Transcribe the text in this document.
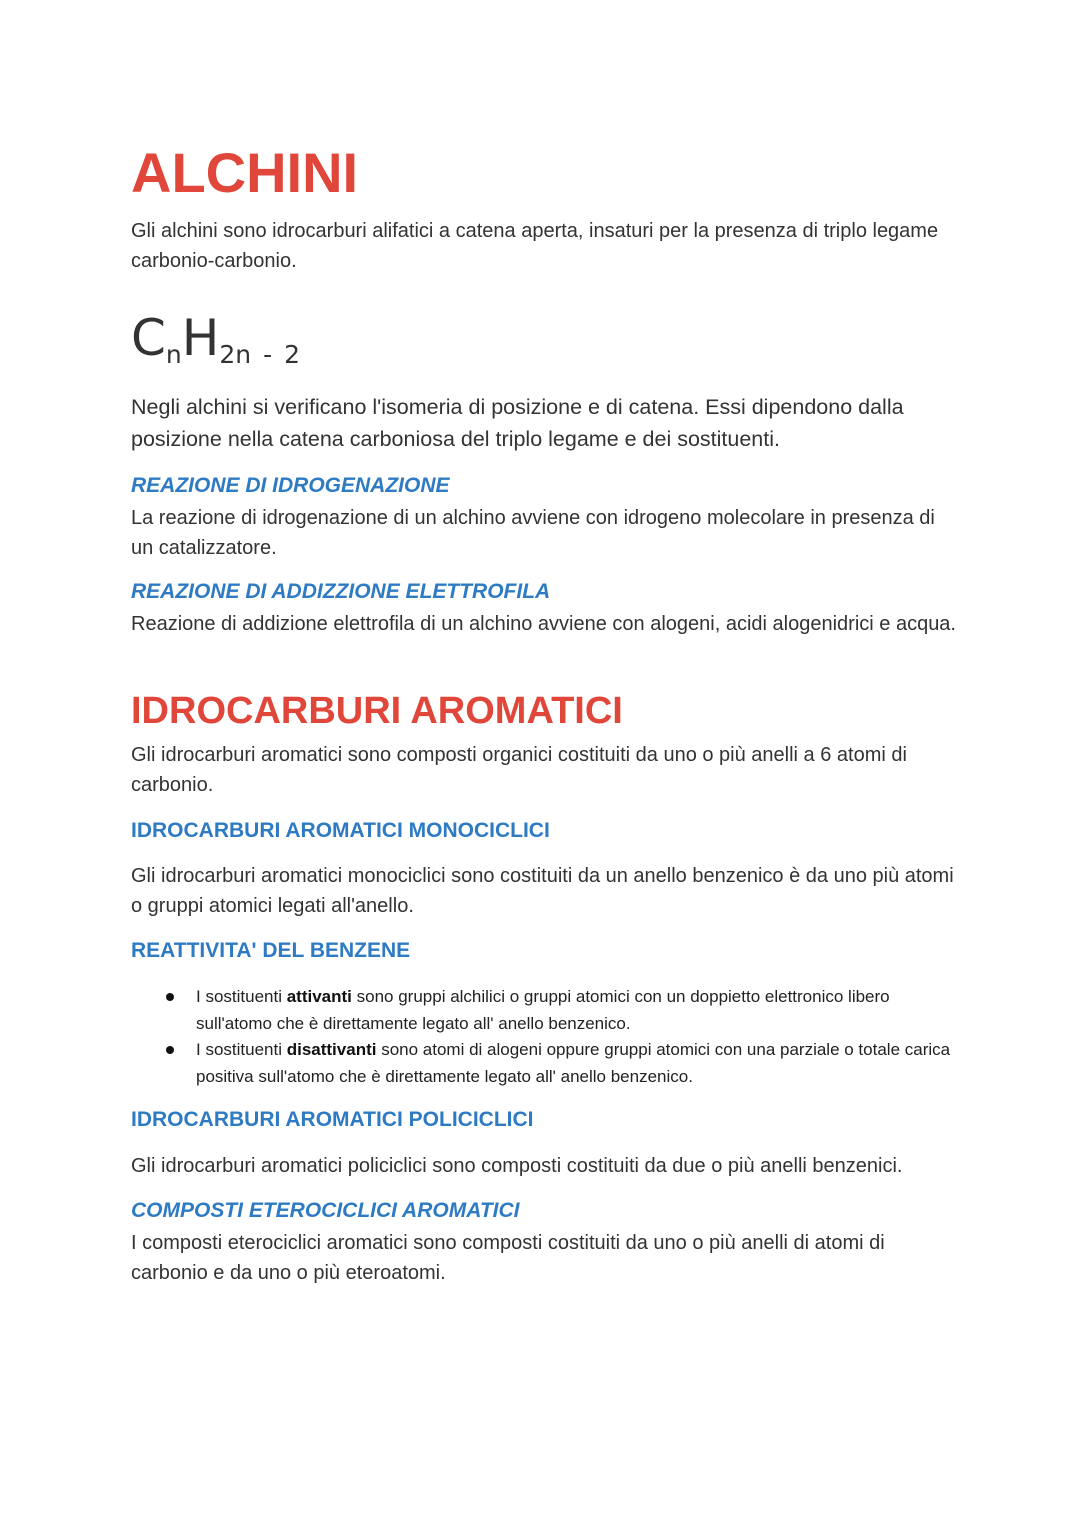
ALCHINI

Gli alchini sono idrocarburi alifatici a catena aperta, insaturi per la presenza di triplo legame carbonio-carbonio.

CnH2n - 2

Negli alchini si verificano l'isomeria di posizione e di catena. Essi dipendono dalla posizione nella catena carboniosa del triplo legame e dei sostituenti.

REAZIONE DI IDROGENAZIONE

La reazione di idrogenazione di un alchino avviene con idrogeno molecolare in presenza di un catalizzatore.

REAZIONE DI ADDIZZIONE ELETTROFILA

Reazione di addizione elettrofila di un alchino avviene con alogeni, acidi alogenidrici e acqua.

IDROCARBURI AROMATICI

Gli idrocarburi aromatici sono composti organici costituiti da uno o più anelli a 6 atomi di carbonio.

IDROCARBURI AROMATICI MONOCICLICI

Gli idrocarburi aromatici monociclici sono costituiti da un anello benzenico è da uno più atomi o gruppi atomici legati all'anello.

REATTIVITA' DEL BENZENE
I sostituenti attivanti sono gruppi alchilici o gruppi atomici con un doppietto elettronico libero sull'atomo che è direttamente legato all' anello benzenico.
I sostituenti disattivanti sono atomi di alogeni oppure gruppi atomici con una parziale o totale carica positiva sull'atomo che è direttamente legato all' anello benzenico.
IDROCARBURI AROMATICI POLICICLICI

Gli idrocarburi aromatici policiclici sono composti costituiti da due o più anelli benzenici.

COMPOSTI ETEROCICLICI AROMATICI

I composti eterociclici aromatici sono composti costituiti da uno o più anelli di atomi di carbonio e da uno o più eteroatomi.
